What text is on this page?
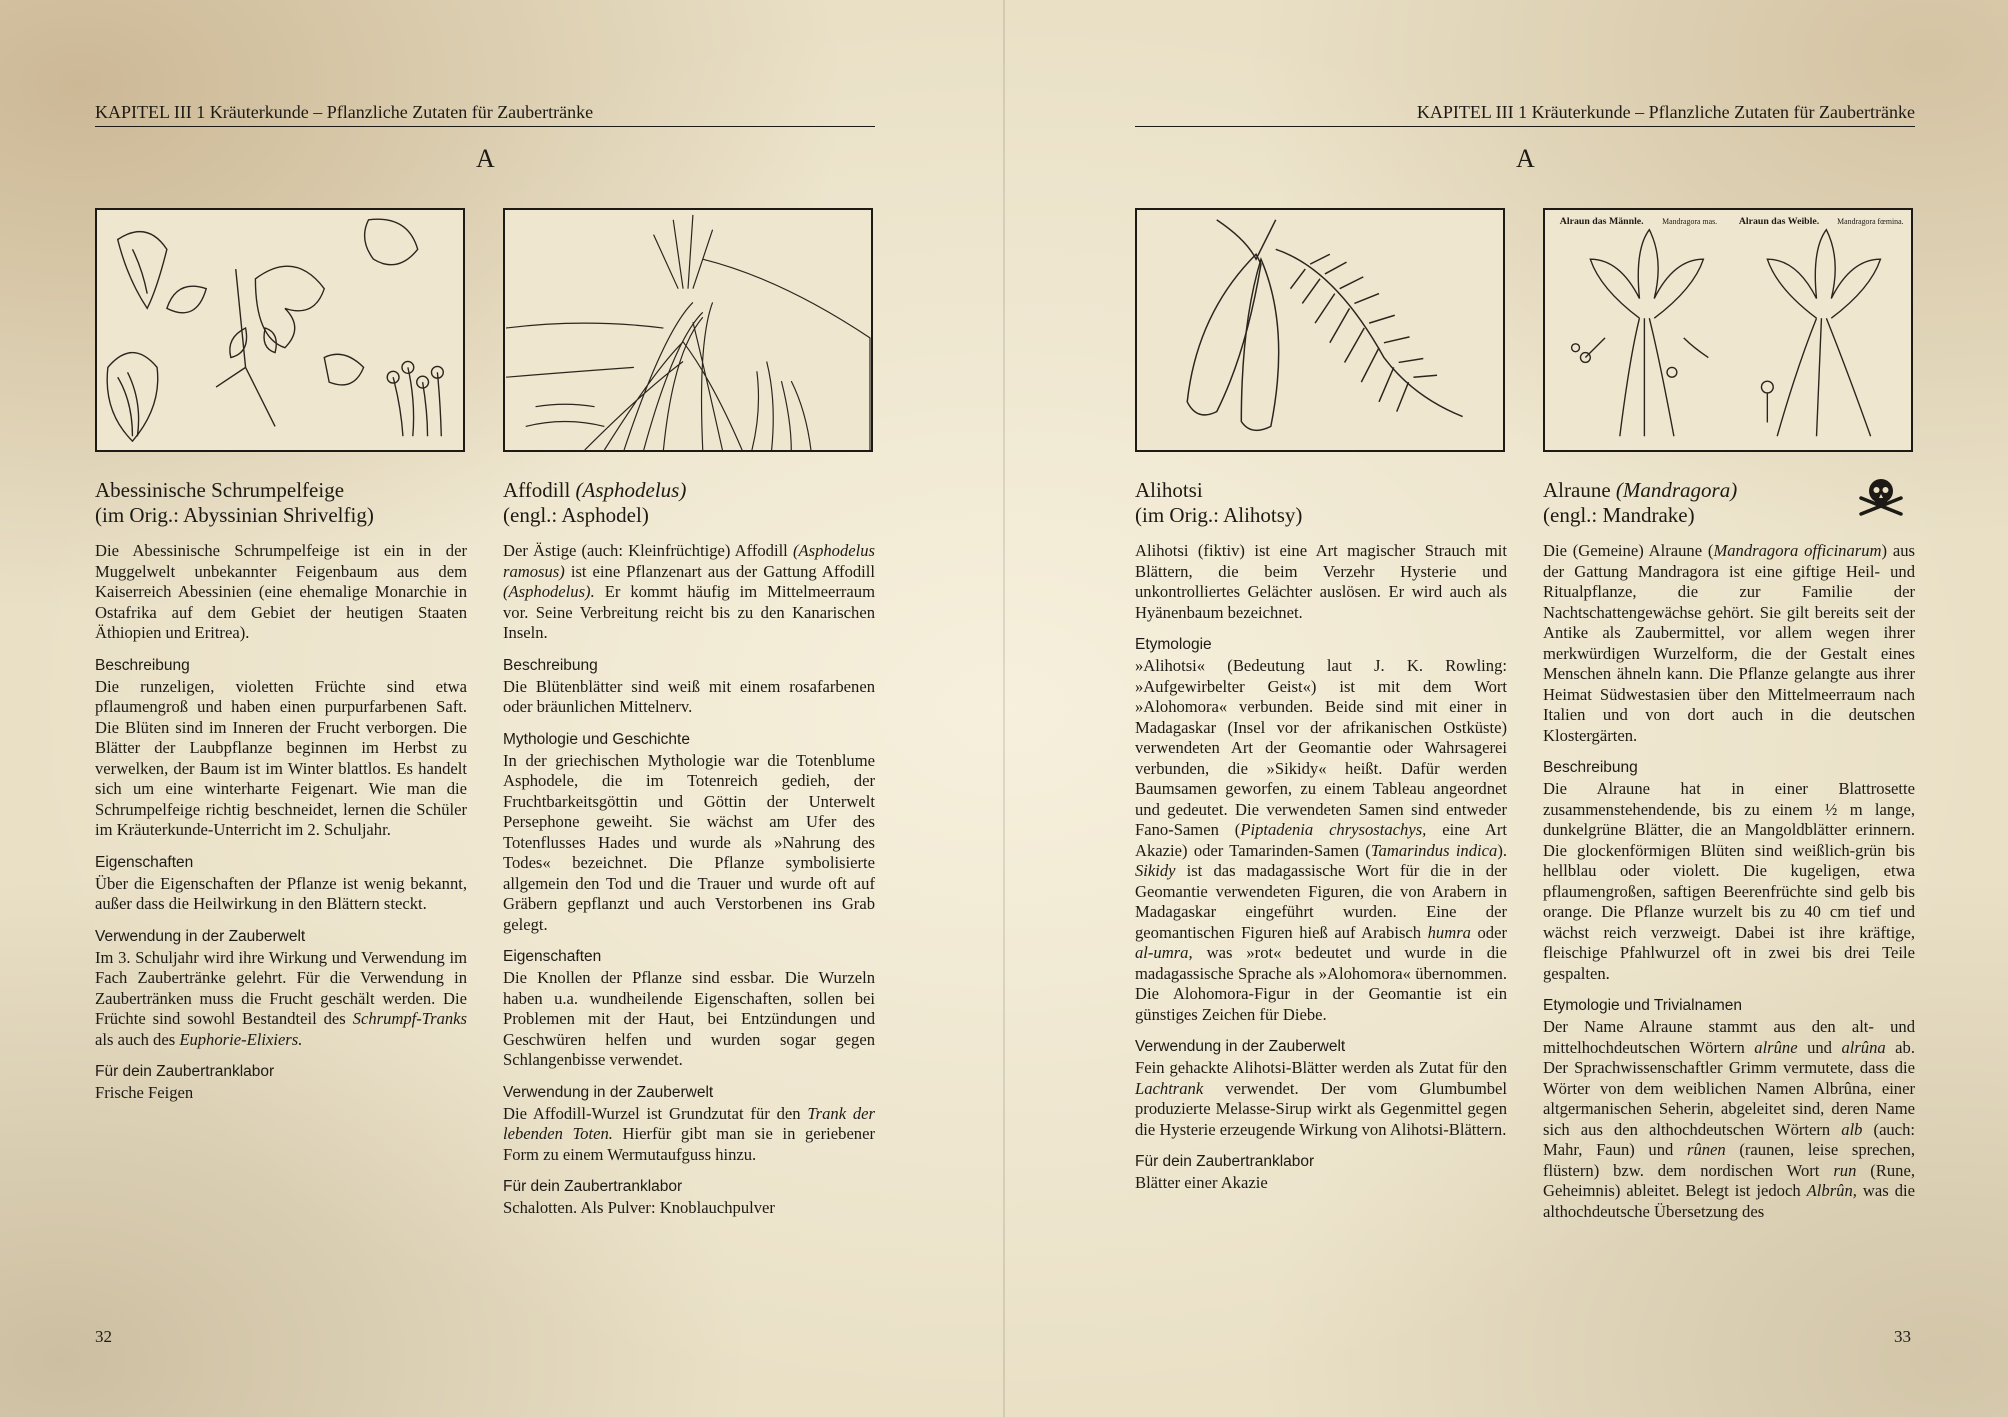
KAPITEL III 1 Kräuterkunde – Pflanzliche Zutaten für Zaubertränke	KAPITEL III 1 Kräuterkunde – Pflanzliche Zutaten für Zaubertränke
A	A
Alraun das Männle. Mandragora mas. Alraun das Weible. Mandragora fœmina.
Abessinische Schrumpelfeige
(im Orig.: Abyssinian Shrivelfig)

Die Abessinische Schrumpelfeige ist ein in der Muggelwelt unbekannter Feigenbaum aus dem Kaiserreich Abessinien (eine ehemalige Monarchie in Ostafrika auf dem Gebiet der heutigen Staaten Äthiopien und Eritrea).

Beschreibung

Die runzeligen, violetten Früchte sind etwa pflaumengroß und haben einen purpurfarbenen Saft. Die Blüten sind im Inneren der Frucht verborgen. Die Blätter der Laubpflanze beginnen im Herbst zu verwelken, der Baum ist im Winter blattlos. Es handelt sich um eine winterharte Feigenart. Wie man die Schrumpelfeige richtig beschneidet, lernen die Schüler im Kräuterkunde-Unterricht im 2. Schuljahr.

Eigenschaften

Über die Eigenschaften der Pflanze ist wenig bekannt, außer dass die Heilwirkung in den Blättern steckt.

Verwendung in der Zauberwelt

Im 3. Schuljahr wird ihre Wirkung und Verwendung im Fach Zaubertränke gelehrt. Für die Verwendung in Zaubertränken muss die Frucht geschält werden. Die Früchte sind sowohl Bestandteil des Schrumpf-Tranks als auch des Euphorie-Elixiers.

Für dein Zaubertranklabor

Frische Feigen

Affodill (Asphodelus)
(engl.: Asphodel)

Der Ästige (auch: Kleinfrüchtige) Affodill (Asphodelus ramosus) ist eine Pflanzenart aus der Gattung Affodill (Asphodelus). Er kommt häufig im Mittelmeerraum vor. Seine Verbreitung reicht bis zu den Kanarischen Inseln.

Beschreibung

Die Blütenblätter sind weiß mit einem rosafarbenen oder bräunlichen Mittelnerv.

Mythologie und Geschichte

In der griechischen Mythologie war die Totenblume Asphodele, die im Totenreich gedieh, der Fruchtbarkeitsgöttin und Göttin der Unterwelt Persephone geweiht. Sie wächst am Ufer des Totenflusses Hades und wurde als »Nahrung des Todes« bezeichnet. Die Pflanze symbolisierte allgemein den Tod und die Trauer und wurde oft auf Gräbern gepflanzt und auch Verstorbenen ins Grab gelegt.

Eigenschaften

Die Knollen der Pflanze sind essbar. Die Wurzeln haben u.a. wundheilende Eigenschaften, sollen bei Problemen mit der Haut, bei Entzündungen und Geschwüren helfen und wurden sogar gegen Schlangenbisse verwendet.

Verwendung in der Zauberwelt

Die Affodill-Wurzel ist Grundzutat für den Trank der lebenden Toten. Hierfür gibt man sie in geriebener Form zu einem Wermutaufguss hinzu.

Für dein Zaubertranklabor

Schalotten. Als Pulver: Knoblauchpulver

Alihotsi
(im Orig.: Alihotsy)

Alihotsi (fiktiv) ist eine Art magischer Strauch mit Blättern, die beim Verzehr Hysterie und unkontrolliertes Gelächter auslösen. Er wird auch als Hyänenbaum bezeichnet.

Etymologie

»Alihotsi« (Bedeutung laut J. K. Rowling: »Aufgewirbelter Geist«) ist mit dem Wort »Alohomora« verbunden. Beide sind mit einer in Madagaskar (Insel vor der afrikanischen Ostküste) verwendeten Art der Geomantie oder Wahrsagerei verbunden, die »Sikidy« heißt. Dafür werden Baumsamen geworfen, zu einem Tableau angeordnet und gedeutet. Die verwendeten Samen sind entweder Fano-Samen (Piptadenia chrysostachys, eine Art Akazie) oder Tamarinden-Samen (Tamarindus indica). Sikidy ist das madagassische Wort für die in der Geomantie verwendeten Figuren, die von Arabern in Madagaskar eingeführt wurden. Eine der geomantischen Figuren hieß auf Arabisch humra oder al-umra, was »rot« bedeutet und wurde in die madagassische Sprache als »Alohomora« übernommen. Die Alohomora-Figur in der Geomantie ist ein günstiges Zeichen für Diebe.

Verwendung in der Zauberwelt

Fein gehackte Alihotsi-Blätter werden als Zutat für den Lachtrank verwendet. Der vom Glumbumbel produzierte Melasse-Sirup wirkt als Gegenmittel gegen die Hysterie erzeugende Wirkung von Alihotsi-Blättern.

Für dein Zaubertranklabor

Blätter einer Akazie

Alraune (Mandragora)
(engl.: Mandrake)

Die (Gemeine) Alraune (Mandragora officinarum) aus der Gattung Mandragora ist eine giftige Heil- und Ritualpflanze, die zur Familie der Nachtschattengewächse gehört. Sie gilt bereits seit der Antike als Zaubermittel, vor allem wegen ihrer merkwürdigen Wurzelform, die der Gestalt eines Menschen ähneln kann. Die Pflanze gelangte aus ihrer Heimat Südwestasien über den Mittelmeerraum nach Italien und von dort auch in die deutschen Klostergärten.

Beschreibung

Die Alraune hat in einer Blattrosette zusammenstehendende, bis zu einem ½ m lange, dunkelgrüne Blätter, die an Mangoldblätter erinnern. Die glockenförmigen Blüten sind weißlich-grün bis hellblau oder violett. Die kugeligen, etwa pflaumengroßen, saftigen Beerenfrüchte sind gelb bis orange. Die Pflanze wurzelt bis zu 40 cm tief und wächst reich verzweigt. Dabei ist ihre kräftige, fleischige Pfahlwurzel oft in zwei bis drei Teile gespalten.

Etymologie und Trivialnamen

Der Name Alraune stammt aus den alt- und mittelhochdeutschen Wörtern alrûne und alrûna ab. Der Sprachwissenschaftler Grimm vermutete, dass die Wörter von dem weiblichen Namen Albrûna, einer altgermanischen Seherin, abgeleitet sind, deren Name sich aus den althochdeutschen Wörtern alb (auch: Mahr, Faun) und rûnen (raunen, leise sprechen, flüstern) bzw. dem nordischen Wort run (Rune, Geheimnis) ableitet. Belegt ist jedoch Albrûn, was die althochdeutsche Übersetzung des

32	33
